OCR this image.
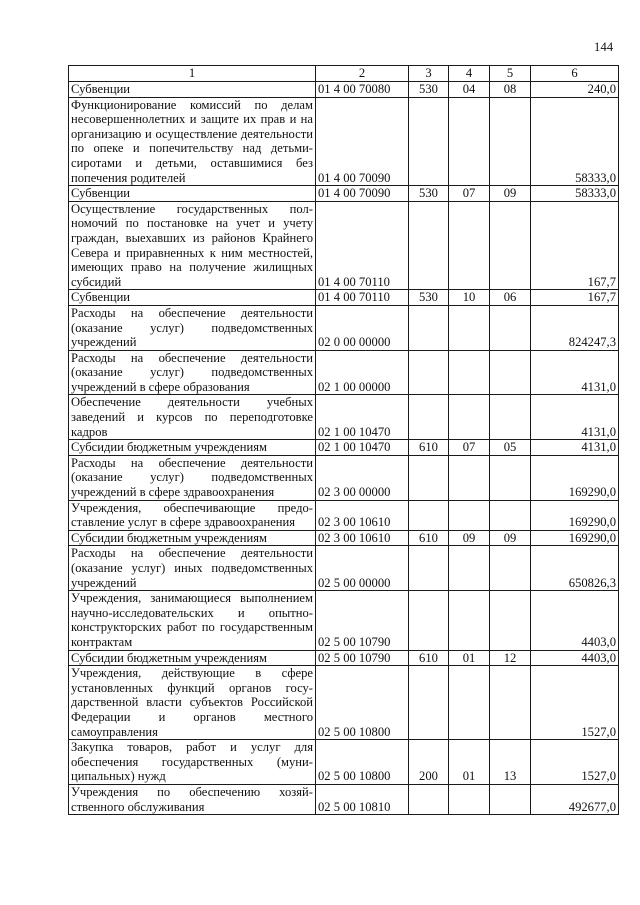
144
1	2	3	4	5	6
Субвенции	01 4 00 70080	530	04	08	240,0
Функционирование комиссий по делам несовершеннолетних и защите их прав и на организацию и осуществление деятельности по опеке и попечительству над детьми-сиротами и детьми, оставшимися без попечения родителей	01 4 00 70090				58333,0
Субвенции	01 4 00 70090	530	07	09	58333,0
Осуществление государственных полномочий по постановке на учет и учету граждан, выехавших из районов Крайнего Севера и приравненных к ним местностей, имеющих право на получение жилищных субсидий	01 4 00 70110				167,7
Субвенции	01 4 00 70110	530	10	06	167,7
Расходы на обеспечение деятельности (оказание услуг) подведомственных учреждений	02 0 00 00000				824247,3
Расходы на обеспечение деятельности (оказание услуг) подведомственных учреждений в сфере образования	02 1 00 00000				4131,0
Обеспечение деятельности учебных заведений и курсов по переподготовке кадров	02 1 00 10470				4131,0
Субсидии бюджетным учреждениям	02 1 00 10470	610	07	05	4131,0
Расходы на обеспечение деятельности (оказание услуг) подведомственных учреждений в сфере здравоохранения	02 3 00 00000				169290,0
Учреждения, обеспечивающие предоставление услуг в сфере здравоохранения	02 3 00 10610				169290,0
Субсидии бюджетным учреждениям	02 3 00 10610	610	09	09	169290,0
Расходы на обеспечение деятельности (оказание услуг) иных подведомственных учреждений	02 5 00 00000				650826,3
Учреждения, занимающиеся выполнением научно-исследовательских и опытно-конструкторских работ по государственным контрактам	02 5 00 10790				4403,0
Субсидии бюджетным учреждениям	02 5 00 10790	610	01	12	4403,0
Учреждения, действующие в сфере установленных функций органов государственной власти субъектов Российской Федерации и органов местного самоуправления	02 5 00 10800				1527,0
Закупка товаров, работ и услуг для обеспечения государственных (муниципальных) нужд	02 5 00 10800	200	01	13	1527,0
Учреждения по обеспечению хозяйственного обслуживания	02 5 00 10810				492677,0
